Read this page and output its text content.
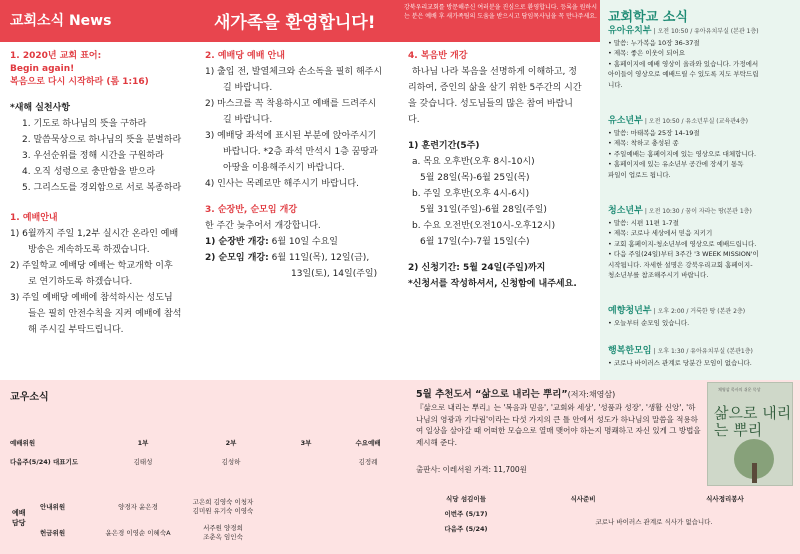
교회소식 News	새가족을 환영합니다!
강북우리교회를 방문해주신 여러분을 진심으로 환영합니다. 등록을 원하시는 분은 예배 후 새가족팀의 도움을 받으시고 담임목사님을 꼭 만나주세요.
1. 2020년 교회 표어:
Begin again!
복음으로 다시 시작하라 (롬 1:16)
*새해 실천사항
1. 기도로 하나님의 뜻을 구하라
2. 말씀묵상으로 하나님의 뜻을 분별하라
3. 우선순위를 정해 시간을 구원하라
4. 오직 성령으로 충만함을 받으라
5. 그리스도를 경외함으로 서로 복종하라
1. 예배안내
1) 6월까지 주일 1,2부 실시간 온라인 예배
방송은 계속하도록 하겠습니다.
2) 주일학교 예배당 예배는 학교개학 이후
로 연기하도록 하겠습니다.
3) 주일 예배당 예배에 참석하시는 성도님
들은 필히 안전수칙을 지켜 예배에 참석
해 주시길 부탁드립니다.
2. 예배당 예배 안내
1) 출입 전, 발열체크와 손소독을 필히 해주시
길 바랍니다.
2) 마스크를 꼭 착용하시고 예배를 드려주시
길 바랍니다.
3) 예배당 좌석에 표시된 부분에 앉아주시기
바랍니다. *2층 좌석 만석시 1층 꿈땅과
아땅을 이용해주시기 바랍니다.
4) 인사는 목례로만 해주시기 바랍니다.
3. 순장반, 순모임 개강
한 주간 늦추어서 개강합니다.
1) 순장반 개강: 6월 10일 수요일
2) 순모임 개강: 6월 11일(목), 12일(금),
13일(토), 14일(주일)
4. 복음반 개강
하나님 나라 복음을 선명하게 이해하고, 정
리하여, 증인의 삶을 살기 위한 5주간의 시간
을 갖습니다. 성도님들의 많은 참여 바랍니
다.
1) 훈련기간(5주)
a. 목요 오후반(오후 8시-10시)
5월 28일(목)-6월 25일(목)
b. 주일 오후반(오후 4시-6시)
5월 31일(주일)-6월 28일(주일)
b. 수요 오전반(오전10시-오후12시)
6월 17일(수)-7월 15일(수)
2) 신청기간: 5월 24일(주일)까지
*신청서를 작성하셔서, 신청함에 내주세요.
교회학교 소식
유아유치부 | 오전 10:50 / 유아유치부실 (본관 1층)
• 말씀: 누가복음 10장 36-37절
• 제목: 좋은 이웃이 되어요
• 홈페이지에 예배 영상이 올라와 있습니다. 가정에서
아이들이 영상으로 예배드릴 수 있도록 지도 부탁드립
니다.
유소년부 | 오전 10:50 / 유소년부실 (교육관4층)
• 말씀: 마태복음 25장 14-19절
• 제목: 착하고 충성된 종
• 주일예배는 홈페이지에 있는 영상으로 대체합니다.
• 홈페이지에 있는 유소년부 공간에 장세기 통독
파일이 업로드 됩니다.
청소년부 | 오전 10:30 / 꿈이 자라는 땅(본관 1층)
• 말씀: 시편 11편 1-7절
• 제목: 코로나 세상에서 믿음 지키기
• 교회 홈페이지-청소년부에 영상으로 예배드립니다.
• 다음 주일(24일)부터 3주간 '3 WEEK MISSION'이
시작됩니다. 자세한 설명은 강북우리교회 홈페이지-
청소년부를 참조해주시기 바랍니다.
예향청년부 | 오후 2:00 / 거룩한 땅 (본관 2층)
• 오늘부터 순모임 있습니다.
행복한모임 | 오후 1:30 / 유아유치부실 (본관1층)
• 코로나 바이러스 관계로 당분간 모임이 없습니다.
교우소식
예배위원	1부	2부	3부	수요예배
다음주(5/24) 대표기도	김태성	김성하		김정례
예배
담당
안내위원	양경자 윤은경	고은희 김영숙 이청자
김미원 유기숙 이영숙
헌금위원	윤은경 이영순 이혜숙A	서주원 양경희
조춘옥 임인숙
5월 추천도서 “삶으로 내리는 뿌리”(저자:채영삼)
『삶으로 내리는 뿌리』는 '복음과 믿음', '교회와 세상', '성품과 성장', '생활 신앙', '하나님의 영광과 기다림'이라는 다섯 가지의 큰 틀 안에서 성도가 하나님의 말씀을 적용하여 일상을 살아갈 때 어떠한 모습으로 열매 맺어야 하는지 명쾌하고 자신 있게 그 방법을 제시해 준다.
출판사: 이레서원 가격: 11,700원
채영삼 목사의 쉬운 묵상
삶으로 내리는 뿌리
식당 섬김이들	식사준비	식사정리봉사
이번주 (5/17)	코로나 바이러스 관계로 식사가 없습니다.	
다음주 (5/24)		
